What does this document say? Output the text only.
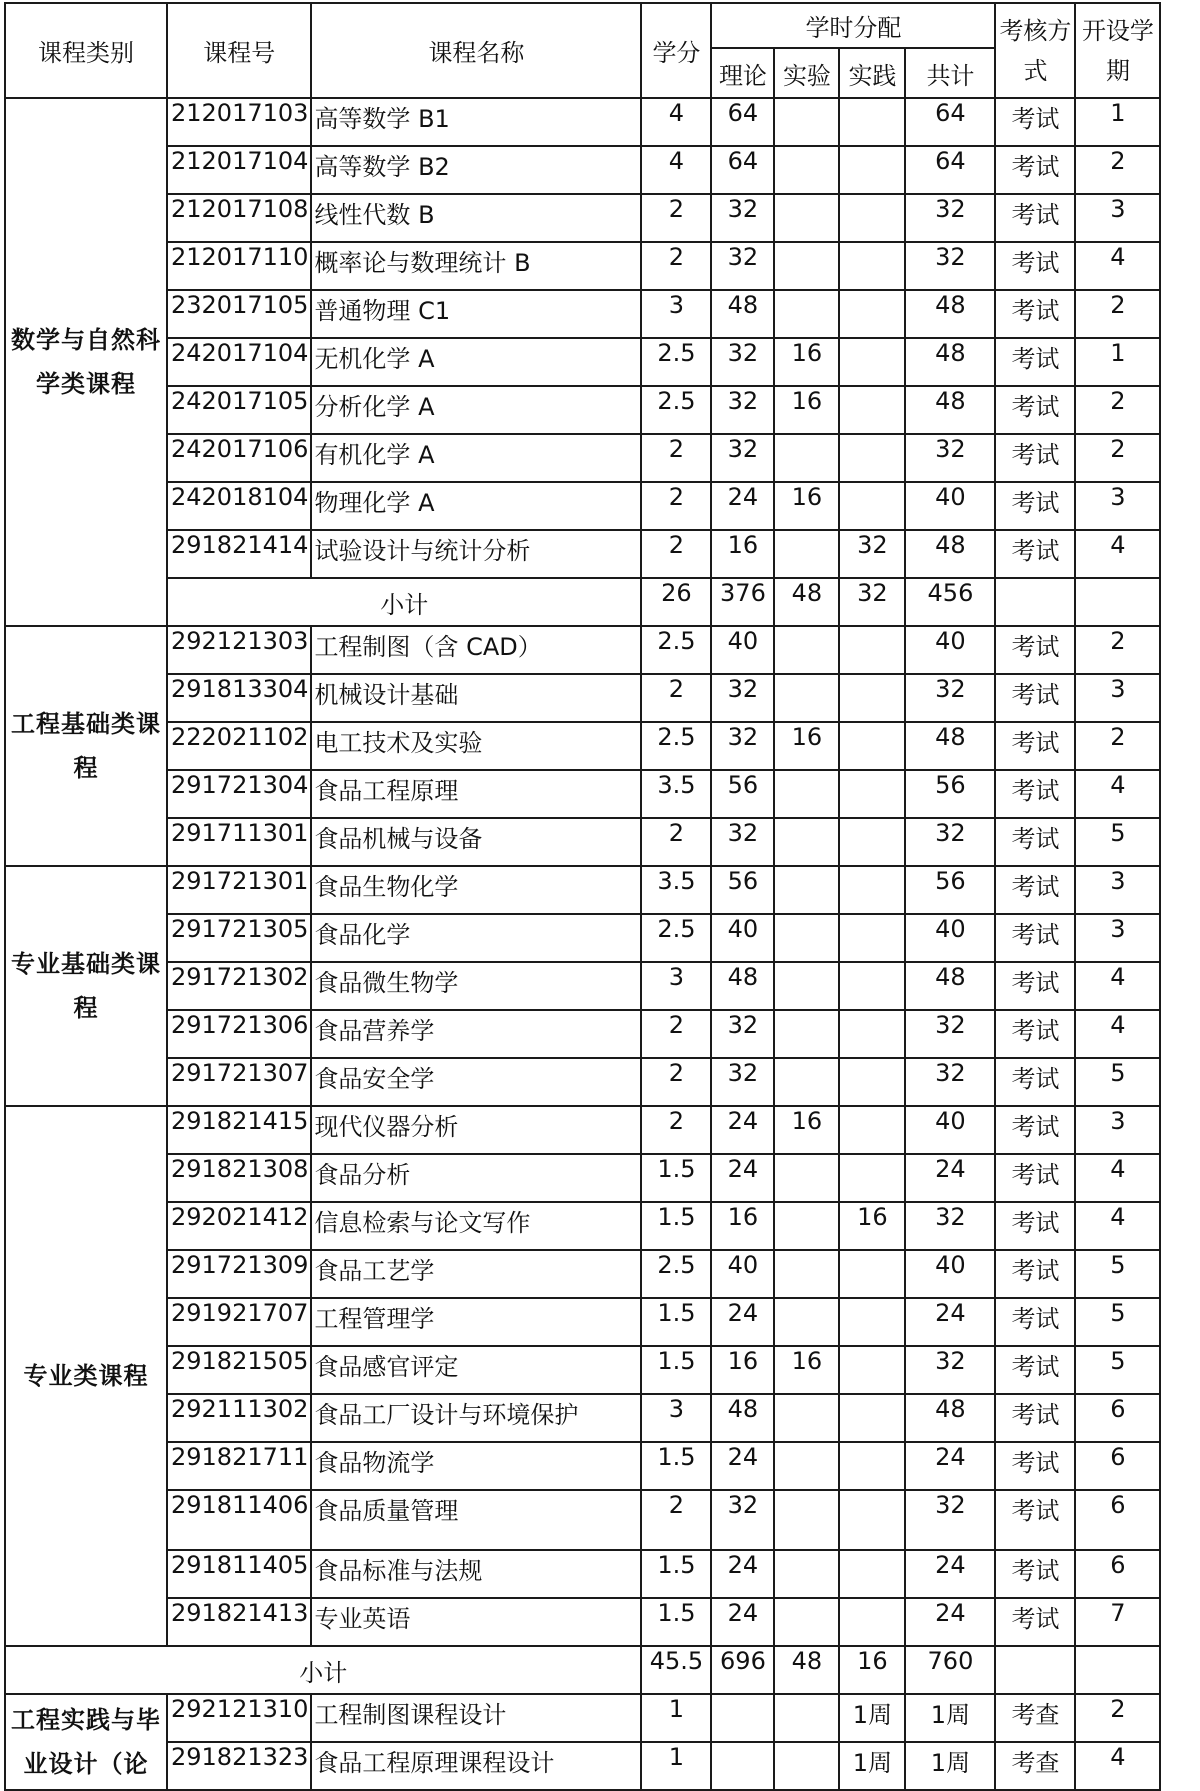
课程类别	课程号	课程名称	学分	学时分配				考核方式	开设学期
				理论	实验	实践	共计		
数学与自然科学类课程	212017103	高等数学 B1	4	64			64	考试	1
	212017104	高等数学 B2	4	64			64	考试	2
	212017108	线性代数 B	2	32			32	考试	3
	212017110	概率论与数理统计 B	2	32			32	考试	4
	232017105	普通物理 C1	3	48			48	考试	2
	242017104	无机化学 A	2.5	32	16		48	考试	1
	242017105	分析化学 A	2.5	32	16		48	考试	2
	242017106	有机化学 A	2	32			32	考试	2
	242018104	物理化学 A	2	24	16		40	考试	3
	291821414	试验设计与统计分析	2	16		32	48	考试	4
	小计		26	376	48	32	456		
工程基础类课程	292121303	工程制图（含 CAD）	2.5	40			40	考试	2
	291813304	机械设计基础	2	32			32	考试	3
	222021102	电工技术及实验	2.5	32	16		48	考试	2
	291721304	食品工程原理	3.5	56			56	考试	4
	291711301	食品机械与设备	2	32			32	考试	5
专业基础类课程	291721301	食品生物化学	3.5	56			56	考试	3
	291721305	食品化学	2.5	40			40	考试	3
	291721302	食品微生物学	3	48			48	考试	4
	291721306	食品营养学	2	32			32	考试	4
	291721307	食品安全学	2	32			32	考试	5
专业类课程	291821415	现代仪器分析	2	24	16		40	考试	3
	291821308	食品分析	1.5	24			24	考试	4
	292021412	信息检索与论文写作	1.5	16		16	32	考试	4
	291721309	食品工艺学	2.5	40			40	考试	5
	291921707	工程管理学	1.5	24			24	考试	5
	291821505	食品感官评定	1.5	16	16		32	考试	5
	292111302	食品工厂设计与环境保护	3	48			48	考试	6
	291821711	食品物流学	1.5	24			24	考试	6
	291811406	食品质量管理	2	32			32	考试	6
	291811405	食品标准与法规	1.5	24			24	考试	6
	291821413	专业英语	1.5	24			24	考试	7
小计			45.5	696	48	16	760		
工程实践与毕业设计（论	292121310	工程制图课程设计	1			1周	1周	考查	2
	291821323	食品工程原理课程设计	1			1周	1周	考查	4
